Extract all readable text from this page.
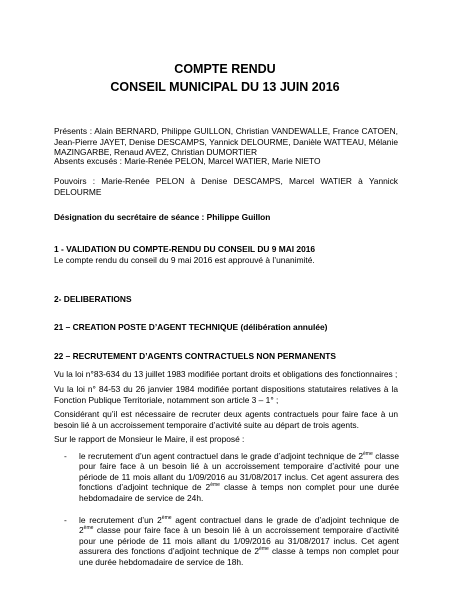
COMPTE RENDU
CONSEIL MUNICIPAL DU 13 JUIN 2016
Présents : Alain BERNARD, Philippe GUILLON, Christian VANDEWALLE, France CATOEN, Jean-Pierre JAYET, Denise DESCAMPS, Yannick DELOURME, Danièle WATTEAU, Mélanie MAZINGARBE, Renaud AVEZ, Christian DUMORTIER
Absents excusés : Marie-Renée PELON, Marcel WATIER, Marie NIETO
Pouvoirs : Marie-Renée PELON à Denise DESCAMPS, Marcel WATIER à Yannick DELOURME
Désignation du secrétaire de séance : Philippe Guillon
1 - VALIDATION DU COMPTE-RENDU DU CONSEIL DU 9 MAI 2016
Le compte rendu du conseil du 9 mai 2016 est approuvé à l’unanimité.
2- DELIBERATIONS
21 – CREATION POSTE D’AGENT TECHNIQUE (délibération annulée)
22 – RECRUTEMENT D’AGENTS CONTRACTUELS NON PERMANENTS
Vu la loi n°83-634 du 13 juillet 1983 modifiée portant droits et obligations des fonctionnaires ;
Vu la loi n° 84-53 du 26 janvier 1984 modifiée portant dispositions statutaires relatives à la Fonction Publique Territoriale, notamment son article 3 – 1° ;
Considérant qu’il est nécessaire de recruter deux agents contractuels pour faire face à un besoin lié à un accroissement temporaire d’activité suite au départ de trois agents.
Sur le rapport de Monsieur le Maire, il est proposé :
- le recrutement d’un agent contractuel dans le grade d’adjoint technique de 2ème classe pour faire face à un besoin lié à un accroissement temporaire d’activité pour une période de 11 mois allant du 1/09/2016 au 31/08/2017 inclus. Cet agent assurera des fonctions d’adjoint technique de 2ème classe à temps non complet pour une durée hebdomadaire de service de 24h.
- le recrutement d’un 2ème agent contractuel dans le grade de d’adjoint technique de 2ème classe pour faire face à un besoin lié à un accroissement temporaire d’activité pour une période de 11 mois allant du 1/09/2016 au 31/08/2017 inclus. Cet agent assurera des fonctions d’adjoint technique de 2ème classe à temps non complet pour une durée hebdomadaire de service de 18h.
